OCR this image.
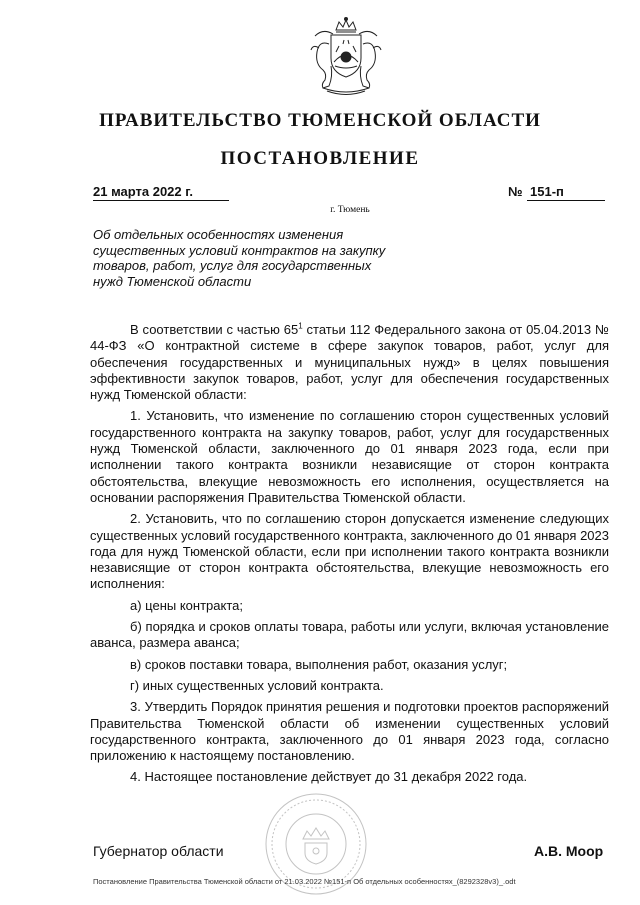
ПРАВИТЕЛЬСТВО ТЮМЕНСКОЙ ОБЛАСТИ
ПОСТАНОВЛЕНИЕ
21 марта 2022 г.	№ 151-п
г. Тюмень
Об отдельных особенностях изменения существенных условий контрактов на закупку товаров, работ, услуг для государственных нужд Тюменской области

В соответствии с частью $65^1$ статьи 112 Федерального закона от 05.04.2013 № 44-ФЗ «О контрактной системе в сфере закупок товаров, работ, услуг для обеспечения государственных и муниципальных нужд» в целях повышения эффективности закупок товаров, работ, услуг для обеспечения государственных нужд Тюменской области:

1. Установить, что изменение по соглашению сторон существенных условий государственного контракта на закупку товаров, работ, услуг для государственных нужд Тюменской области, заключенного до 01 января 2023 года, если при исполнении такого контракта возникли независящие от сторон контракта обстоятельства, влекущие невозможность его исполнения, осуществляется на основании распоряжения Правительства Тюменской области.

2. Установить, что по соглашению сторон допускается изменение следующих существенных условий государственного контракта, заключенного до 01 января 2023 года для нужд Тюменской области, если при исполнении такого контракта возникли независящие от сторон контракта обстоятельства, влекущие невозможность его исполнения:

а) цены контракта;

б) порядка и сроков оплаты товара, работы или услуги, включая установление аванса, размера аванса;

в) сроков поставки товара, выполнения работ, оказания услуг;

г) иных существенных условий контракта.

3. Утвердить Порядок принятия решения и подготовки проектов распоряжений Правительства Тюменской области об изменении существенных условий государственного контракта, заключенного до 01 января 2023 года, согласно приложению к настоящему постановлению.

4. Настоящее постановление действует до 31 декабря 2022 года.

Губернатор области	А.В. Моор
Постановление Правительства Тюменской области от 21.03.2022 №151-п Об отдельных особенностях_(8292328v3)_.odt
